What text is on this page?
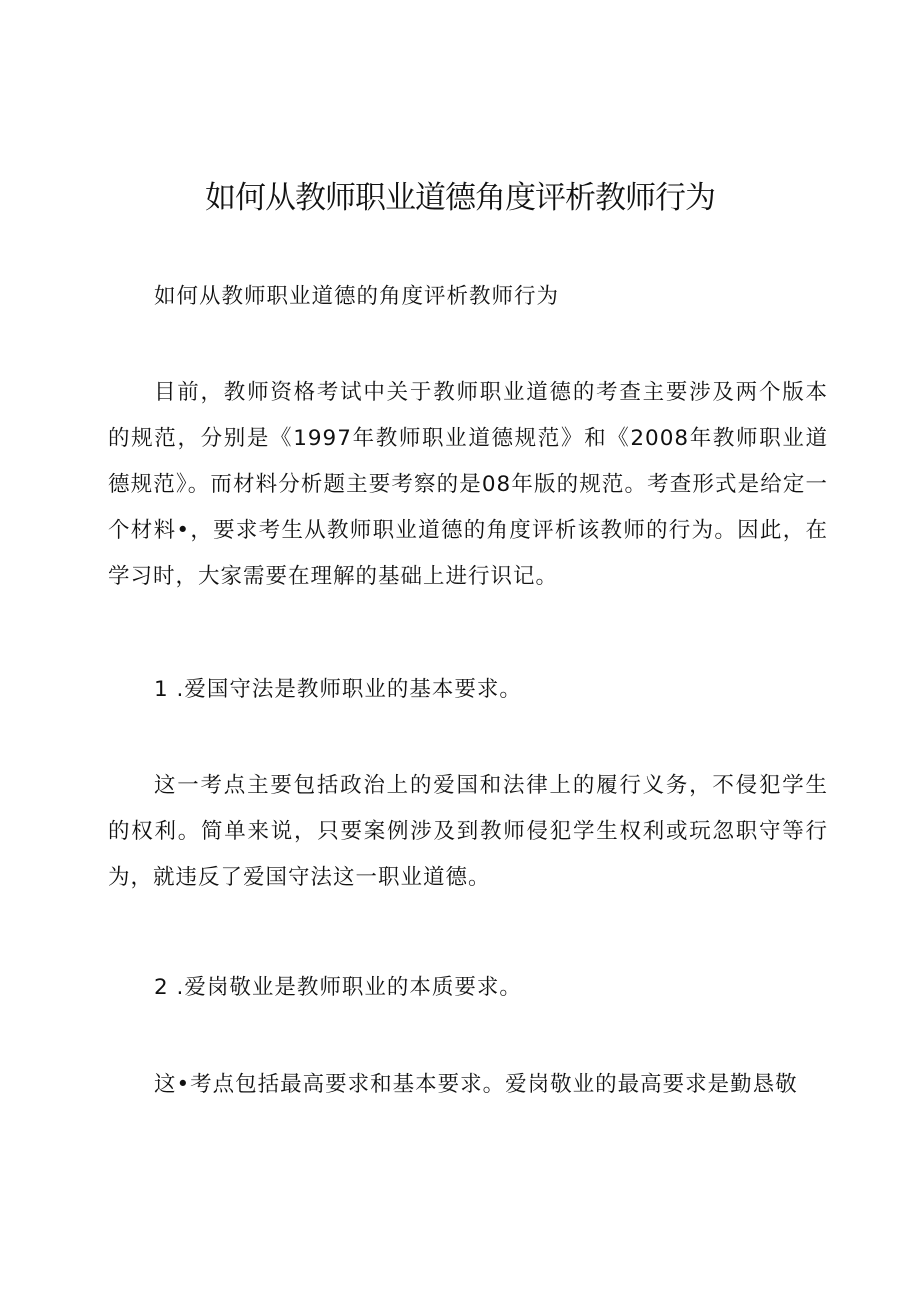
如何从教师职业道德角度评析教师行为

如何从教师职业道德的角度评析教师行为

目前，教师资格考试中关于教师职业道德的考查主要涉及两个版本的规范，分别是《1997年教师职业道德规范》和《2008年教师职业道德规范》。而材料分析题主要考察的是08年版的规范。考查形式是给定一个材料•，要求考生从教师职业道德的角度评析该教师的行为。因此，在学习时，大家需要在理解的基础上进行识记。

1 .爱国守法是教师职业的基本要求。

这一考点主要包括政治上的爱国和法律上的履行义务，不侵犯学生的权利。简单来说，只要案例涉及到教师侵犯学生权利或玩忽职守等行为，就违反了爱国守法这一职业道德。

2 .爱岗敬业是教师职业的本质要求。

这•考点包括最高要求和基本要求。爱岗敬业的最高要求是勤恳敬
